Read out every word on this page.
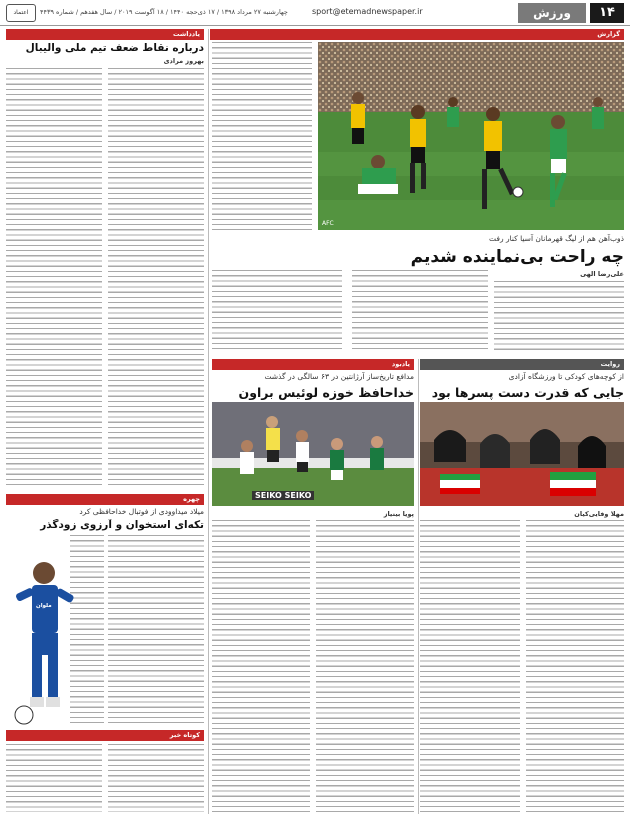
۱۴
ورزش
sport@etemadnewspaper.ir
چهارشنبه ۲۷ مرداد ۱۳۹۸ / ۱۷ ذی‌حجه ۱۴۴۰ / ۱۸ آگوست ۲۰۱۹ / سال هفدهم / شماره ۴۴۳۹
اعتماد
گزارش
AFC
ذوب‌آهن هم از لیگ قهرمانان آسیا کنار رفت
چه راحت بی‌نماینده شدیم
علی‌رضا الهی
روایت
از کوچه‌های کودکی تا ورزشگاه آزادی
جایی که قدرت دست پسرها بود
مهلا وفایی‌کیان
یادبود
مدافع تاریخ‌ساز آرژانتین در ۶۳ سالگی در گذشت
خداحافظ خوزه لوئیس براون
SEIKO SEIKO
پویا بینیاز
یادداشت
درباره نقاط ضعف تیم ملی والیبال
بهروز مرادی
چهره
میلاد میداوودی از فوتبال خداحافظی کرد
تکه‌ای استخوان و آرزوی زودگذر
ملوان
کوتاه خبر
